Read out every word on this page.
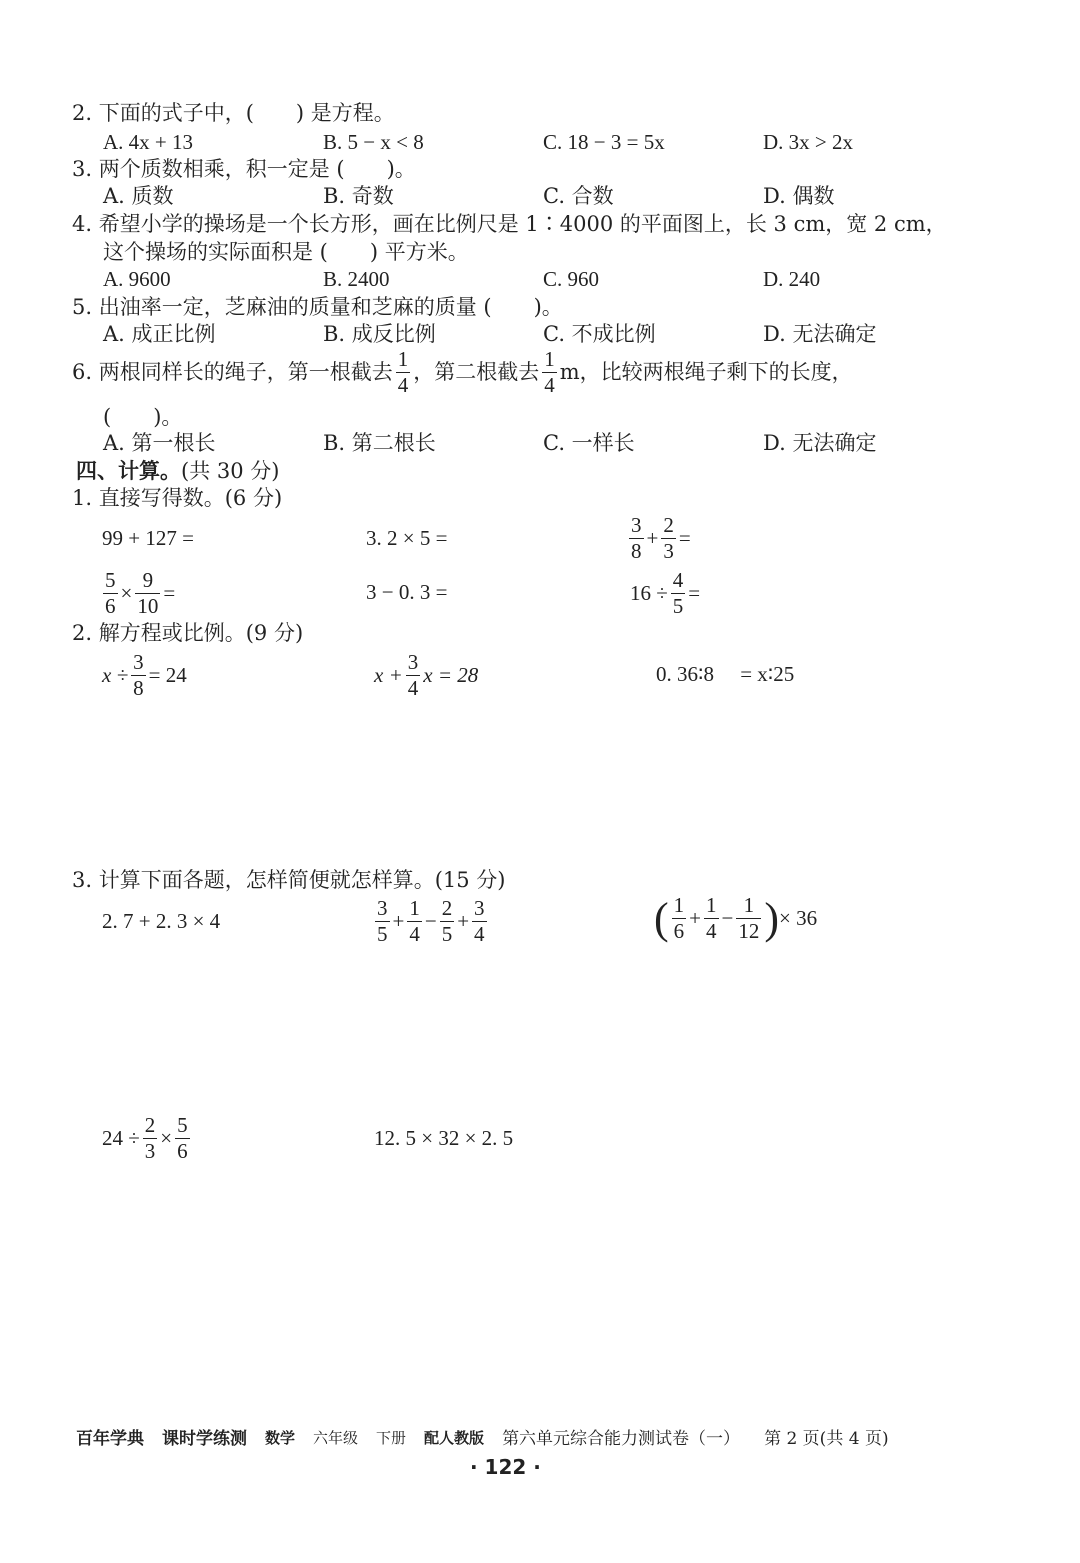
2. 下面的式子中，(　　) 是方程。
A. 4x + 13	B. 5 − x < 8	C. 18 − 3 = 5x	D. 3x > 2x
3. 两个质数相乘，积一定是 (　　)。
A. 质数	B. 奇数	C. 合数	D. 偶数
4. 希望小学的操场是一个长方形，画在比例尺是 1∶4000 的平面图上，长 3 cm，宽 2 cm，
这个操场的实际面积是 (　　) 平方米。
A. 9600	B. 2400	C. 960	D. 240
5. 出油率一定，芝麻油的质量和芝麻的质量 (　　)。
A. 成正比例	B. 成反比例	C. 不成比例	D. 无法确定
6. 两根同样长的绳子，第一根截去 $\frac{1}{4}$ ，第二根截去 $\frac{1}{4}$ m，比较两根绳子剩下的长度，
(　　)。
A. 第一根长	B. 第二根长	C. 一样长	D. 无法确定
四、计算。(共 30 分)
1. 直接写得数。(6 分)
99 + 127 =	3. 2 × 5 =	$\frac{3}{8} + \frac{2}{3}$ =
$\frac{5}{6} \times \frac{9}{10}$ =	3 − 0. 3 =	$16 \div \frac{4}{5}$ =
2. 解方程或比例。(9 分)
$x \div \frac{3}{8} = 24$	$x + \frac{3}{4}$ x = 28	0. 36∶8 　= x∶25
3. 计算下面各题，怎样简便就怎样算。(15 分)
2. 7 + 2. 3 × 4	$\frac{3}{5} + \frac{1}{4} - \frac{2}{5} + \frac{3}{4}$	( $\frac{1}{6} + \frac{1}{4} - \frac{1}{12}$ ) × 36
$24 \div \frac{2}{3} \times \frac{5}{6}$	12. 5 × 32 × 2. 5
百年学典 课时学练测 数学 六年级 下册 配人教版 第六单元综合能力测试卷（一） 第 2 页(共 4 页)
· 122 ·
